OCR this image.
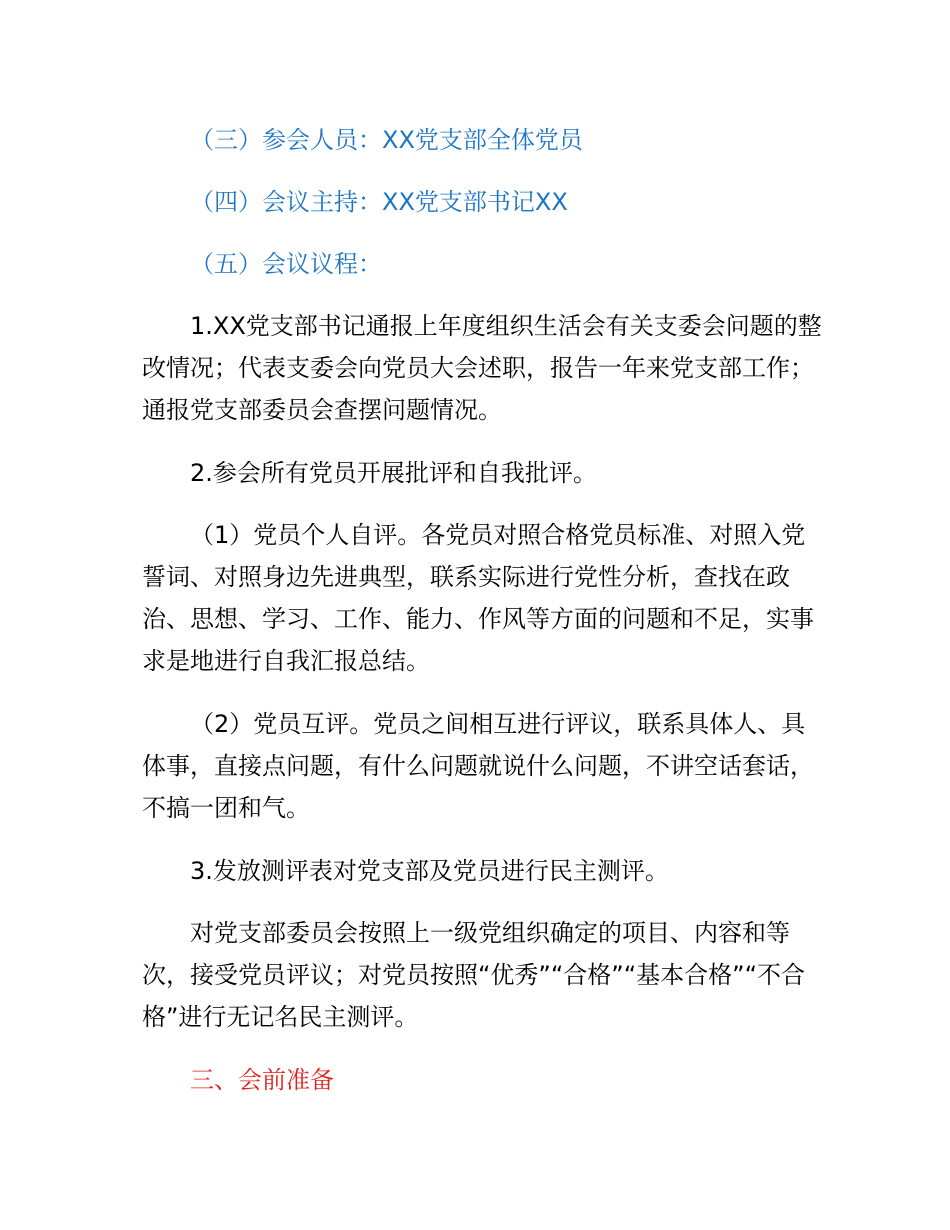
（三）参会人员：XX党支部全体党员

（四）会议主持：XX党支部书记XX

（五）会议议程：

1.XX党支部书记通报上年度组织生活会有关支委会问题的整改情况；代表支委会向党员大会述职，报告一年来党支部工作；通报党支部委员会查摆问题情况。

2.参会所有党员开展批评和自我批评。

（1）党员个人自评。各党员对照合格党员标准、对照入党誓词、对照身边先进典型，联系实际进行党性分析，查找在政治、思想、学习、工作、能力、作风等方面的问题和不足，实事求是地进行自我汇报总结。

（2）党员互评。党员之间相互进行评议，联系具体人、具体事，直接点问题，有什么问题就说什么问题，不讲空话套话，不搞一团和气。

3.发放测评表对党支部及党员进行民主测评。

对党支部委员会按照上一级党组织确定的项目、内容和等次，接受党员评议；对党员按照“优秀”“合格”“基本合格”“不合格”进行无记名民主测评。

三、会前准备
